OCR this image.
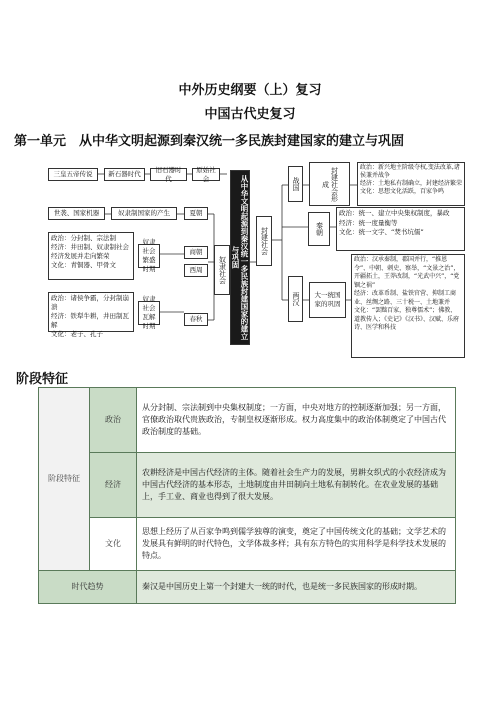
中外历史纲要（上）复习
中国古代史复习
第一单元　从中华文明起源到秦汉统一多民族封建国家的建立与巩固
三皇五帝传说	新石器时代
旧石器时代
原始社会
世袭、国家机器	奴隶制国家的产生	夏朝
政治：分封制、宗法制
经济：井田制、奴隶制社会经济发展并走向繁荣
文化：青铜器、甲骨文
奴隶社会繁盛时期
商朝
西周
政治：诸侯争霸，分封制崩溃
经济：铁犁牛耕，井田制瓦解
文化：老子、孔子
奴隶社会瓦解时期
春秋
奴隶社会	从中华文明起源到秦汉统一多民族封建国家的建立与巩固
封建社会
战国	封建社会形成
政治：新兴地主阶级夺权,变法改革,诸侯兼并战争
经济：土地私有制确立，封建经济繁荣
文化：思想文化活跃，百家争鸣
秦朝
政治：统一、建立中央集权制度，暴政
经济：统一度量衡等
文化：统一文字、“焚书坑儒”
两汉	大一统国家的巩固
政治：汉承秦制，郡国并行，“推恩令”、中朝、刺史、察举，“文景之治”，开疆拓土，王莽改制，“光武中兴”，“党锢之祸”
经济：改革币制、盐铁官营、抑制工商业、丝绸之路、三十税一、土地兼并
文化：“罢黜百家，独尊儒术”；佛教、道教传入；《史记》《汉书》、汉赋、乐府诗、医学和科技
阶段特征
阶段特征	政治	从分封制、宗法制到中央集权制度；一方面，中央对地方的控制逐渐加强；另一方面，官僚政治取代贵族政治，专制皇权逐渐形成。权力高度集中的政治体制奠定了中国古代政治制度的基础。
	经济	农耕经济是中国古代经济的主体。随着社会生产力的发展，男耕女织式的小农经济成为中国古代经济的基本形态，土地制度由井田制向土地私有制转化。在农业发展的基础上，手工业、商业也得到了很大发展。
	文化	思想上经历了从百家争鸣到儒学独尊的演变，奠定了中国传统文化的基础；文学艺术的发展具有鲜明的时代特色，文学体裁多样；具有东方特色的实用科学是科学技术发展的特点。
时代趋势		秦汉是中国历史上第一个封建大一统的时代，也是统一多民族国家的形成时期。
